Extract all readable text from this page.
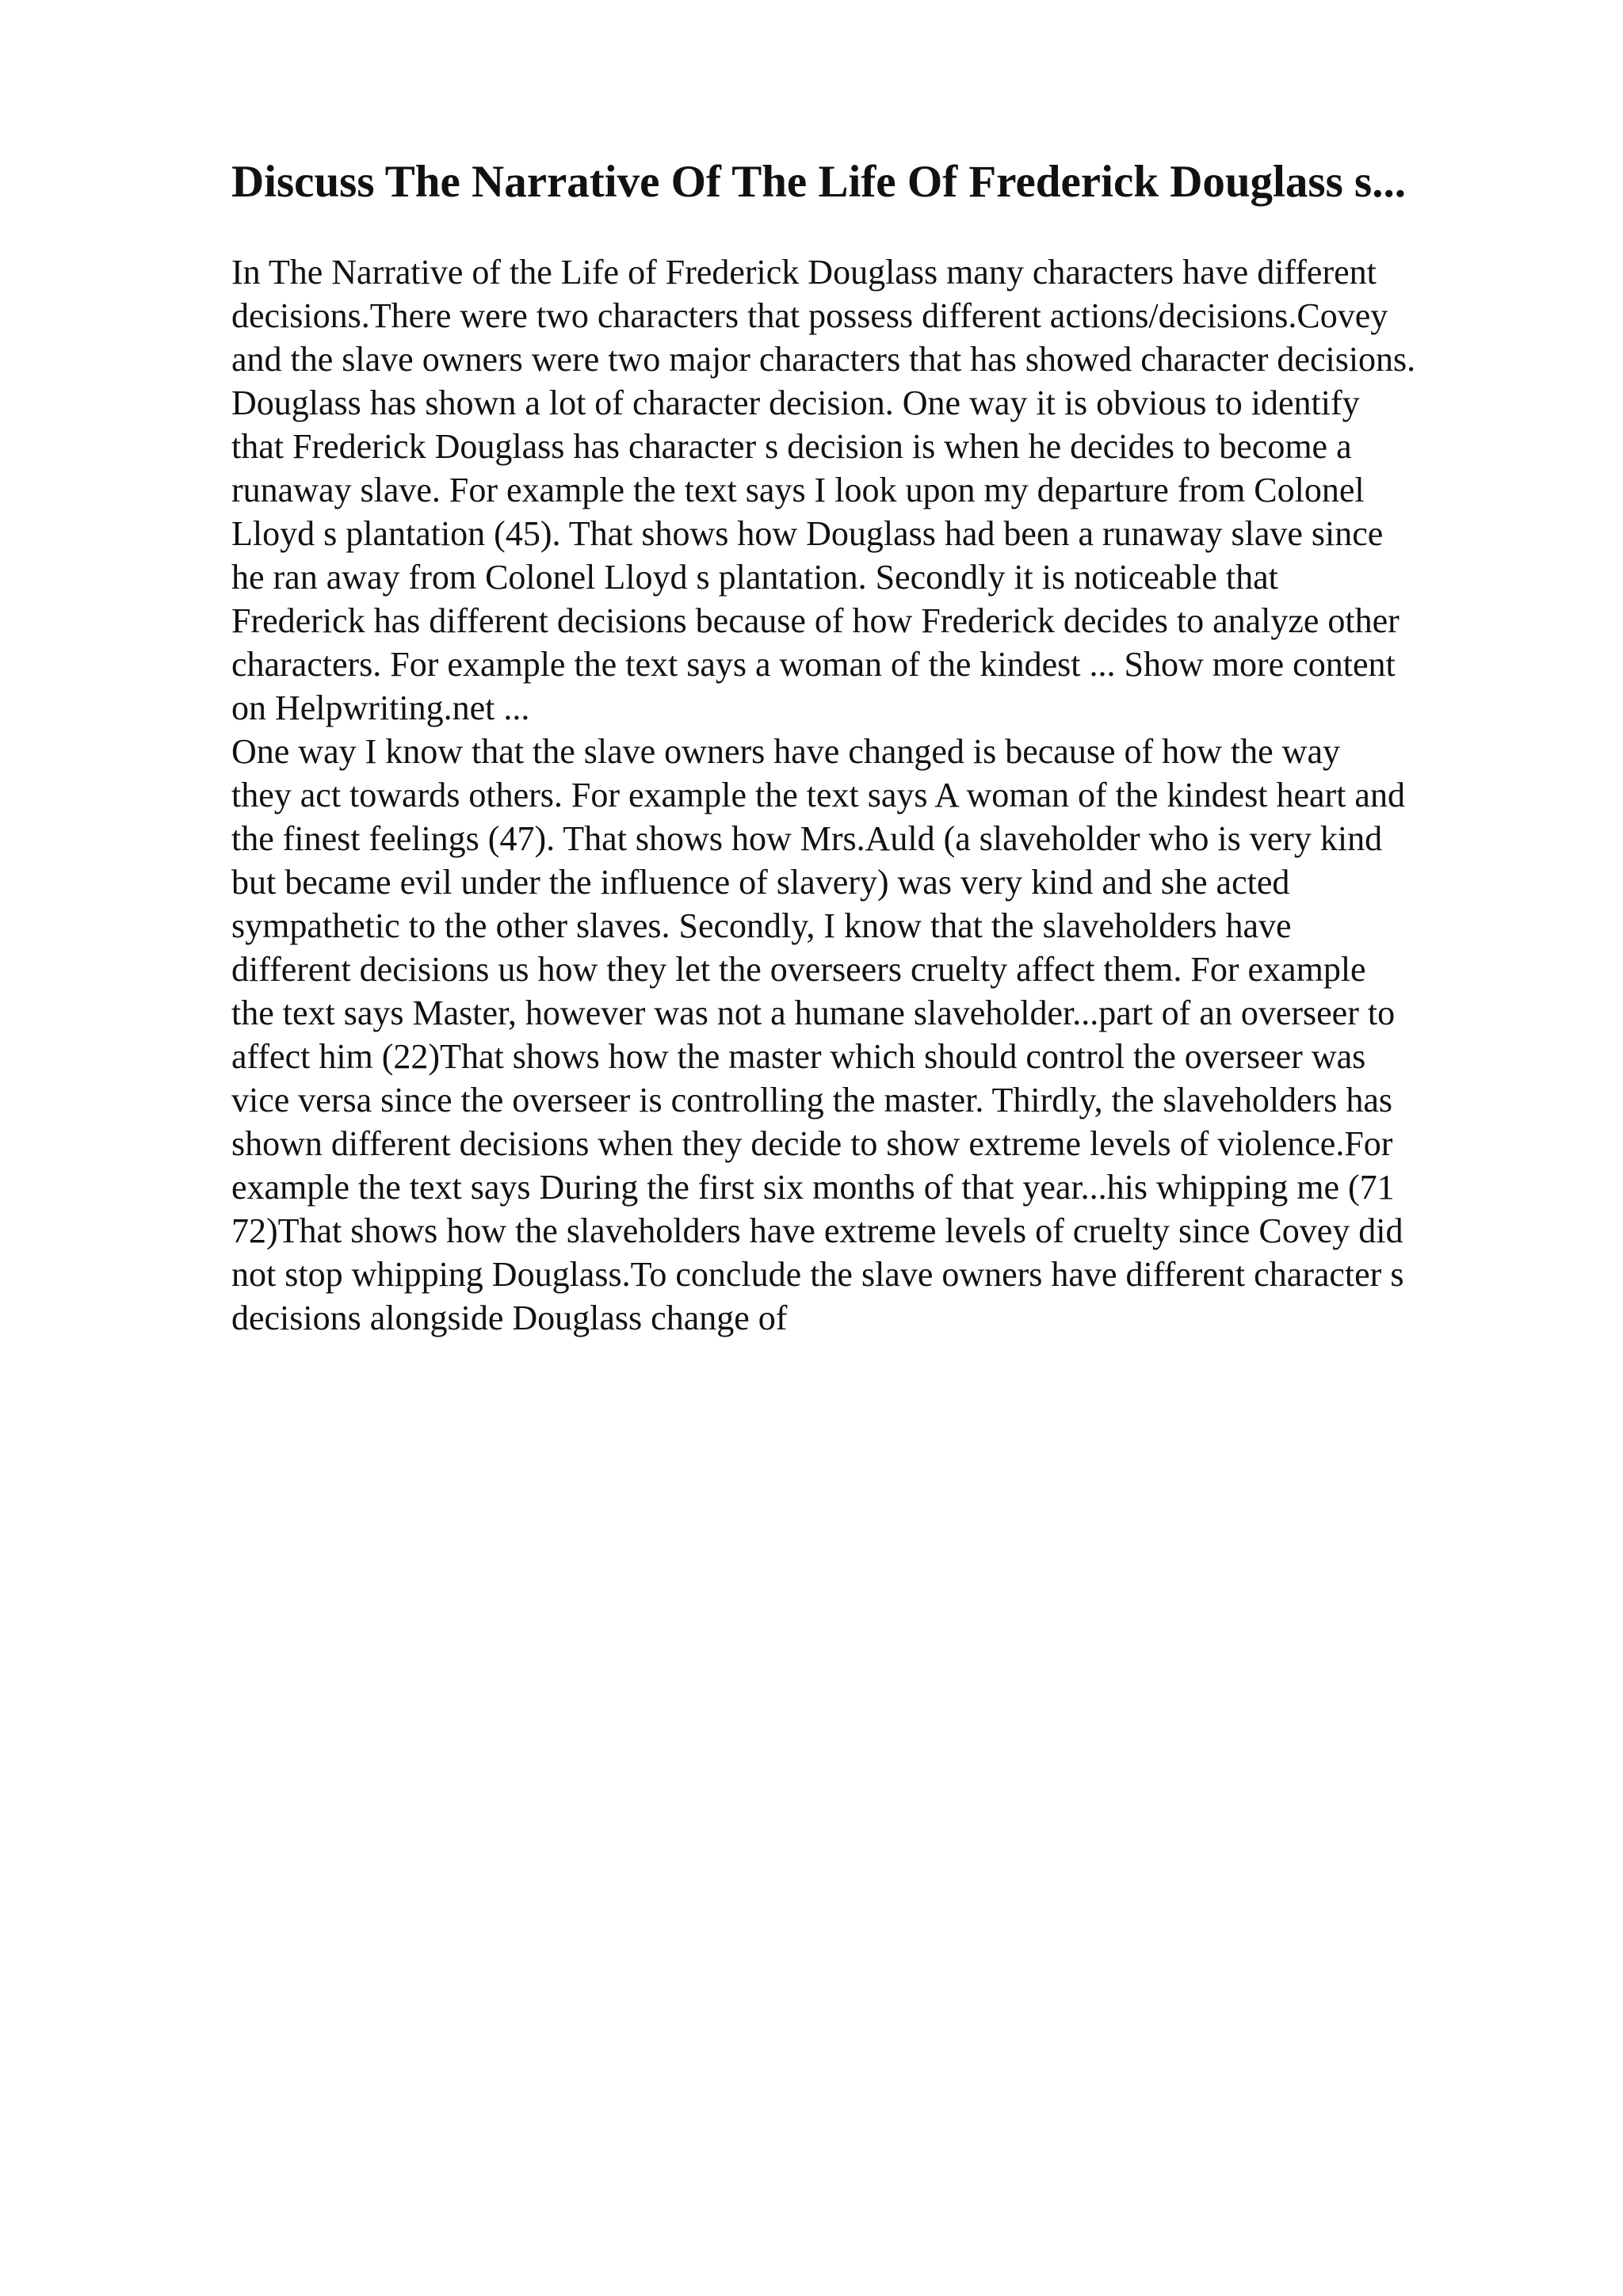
Discuss The Narrative Of The Life Of Frederick Douglass s...
In The Narrative of the Life of Frederick Douglass many characters have different
decisions.There were two characters that possess different actions/decisions.Covey
and the slave owners were two major characters that has showed character decisions.
Douglass has shown a lot of character decision. One way it is obvious to identify
that Frederick Douglass has character s decision is when he decides to become a
runaway slave. For example the text says I look upon my departure from Colonel
Lloyd s plantation (45). That shows how Douglass had been a runaway slave since
he ran away from Colonel Lloyd s plantation. Secondly it is noticeable that
Frederick has different decisions because of how Frederick decides to analyze other
characters. For example the text says a woman of the kindest ... Show more content
on Helpwriting.net ...
One way I know that the slave owners have changed is because of how the way
they act towards others. For example the text says A woman of the kindest heart and
the finest feelings (47). That shows how Mrs.Auld (a slaveholder who is very kind
but became evil under the influence of slavery) was very kind and she acted
sympathetic to the other slaves. Secondly, I know that the slaveholders have
different decisions us how they let the overseers cruelty affect them. For example
the text says Master, however was not a humane slaveholder...part of an overseer to
affect him (22)That shows how the master which should control the overseer was
vice versa since the overseer is controlling the master. Thirdly, the slaveholders has
shown different decisions when they decide to show extreme levels of violence.For
example the text says During the first six months of that year...his whipping me (71
72)That shows how the slaveholders have extreme levels of cruelty since Covey did
not stop whipping Douglass.To conclude the slave owners have different character s
decisions alongside Douglass change of
